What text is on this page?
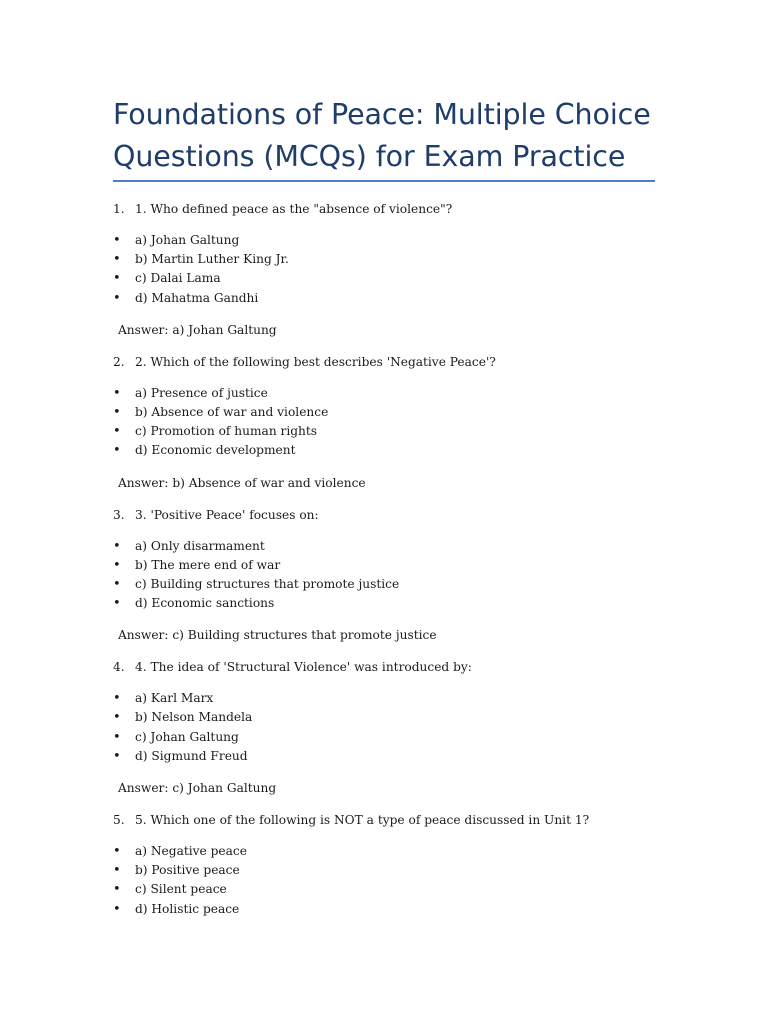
Foundations of Peace: Multiple Choice Questions (MCQs) for Exam Practice
1. 1. Who defined peace as the "absence of violence"?
• a) Johan Galtung
• b) Martin Luther King Jr.
• c) Dalai Lama
• d) Mahatma Gandhi
Answer: a) Johan Galtung
2. 2. Which of the following best describes 'Negative Peace'?
• a) Presence of justice
• b) Absence of war and violence
• c) Promotion of human rights
• d) Economic development
Answer: b) Absence of war and violence
3. 3. 'Positive Peace' focuses on:
• a) Only disarmament
• b) The mere end of war
• c) Building structures that promote justice
• d) Economic sanctions
Answer: c) Building structures that promote justice
4. 4. The idea of 'Structural Violence' was introduced by:
• a) Karl Marx
• b) Nelson Mandela
• c) Johan Galtung
• d) Sigmund Freud
Answer: c) Johan Galtung
5. 5. Which one of the following is NOT a type of peace discussed in Unit 1?
• a) Negative peace
• b) Positive peace
• c) Silent peace
• d) Holistic peace
